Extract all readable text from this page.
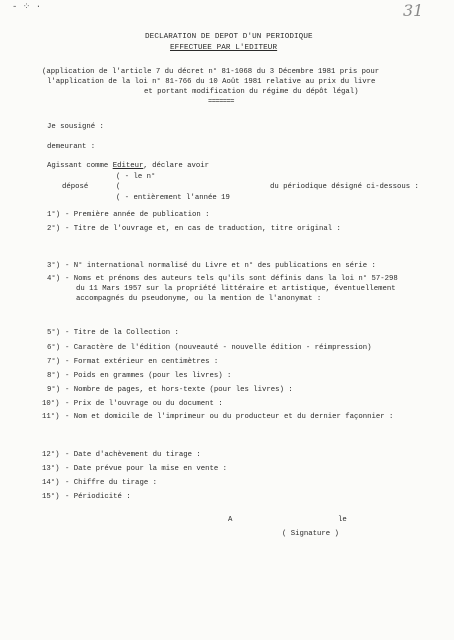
- ⁘ ·	31
DECLARATION DE DEPOT D'UN PERIODIQUE
EFFECTUEE PAR L'EDITEUR
(application de l'article 7 du décret n° 81-1068 du 3 Décembre 1981 pris pour
l'application de la loi n° 81-766 du 10 Août 1981 relative au prix du livre
et portant modification du régime du dépôt légal)
=======
Je sousigné :
demeurant :
Agissant comme Editeur, déclare avoir
( - le n°
déposé	(	du périodique désigné ci-dessous :
( - entièrement l'année 19
1°) - Première année de publication :
2°) - Titre de l'ouvrage et, en cas de traduction, titre original :
3°) - N° international normalisé du Livre et n° des publications en série :
4°) - Noms et prénoms des auteurs tels qu'ils sont définis dans la loi n° 57-298
du 11 Mars 1957 sur la propriété littéraire et artistique, éventuellement
accompagnés du pseudonyme, ou la mention de l'anonymat :
5°) - Titre de la Collection :
6°) - Caractère de l'édition (nouveauté - nouvelle édition - réimpression)
7°) - Format extérieur en centimètres :
8°) - Poids en grammes (pour les livres) :
9°) - Nombre de pages, et hors-texte (pour les livres) :
10°) - Prix de l'ouvrage ou du document :
11°) - Nom et domicile de l'imprimeur ou du producteur et du dernier façonnier :
12°) - Date d'achèvement du tirage :
13°) - Date prévue pour la mise en vente :
14°) - Chiffre du tirage :
15°) - Périodicité :
A	le
( Signature )
